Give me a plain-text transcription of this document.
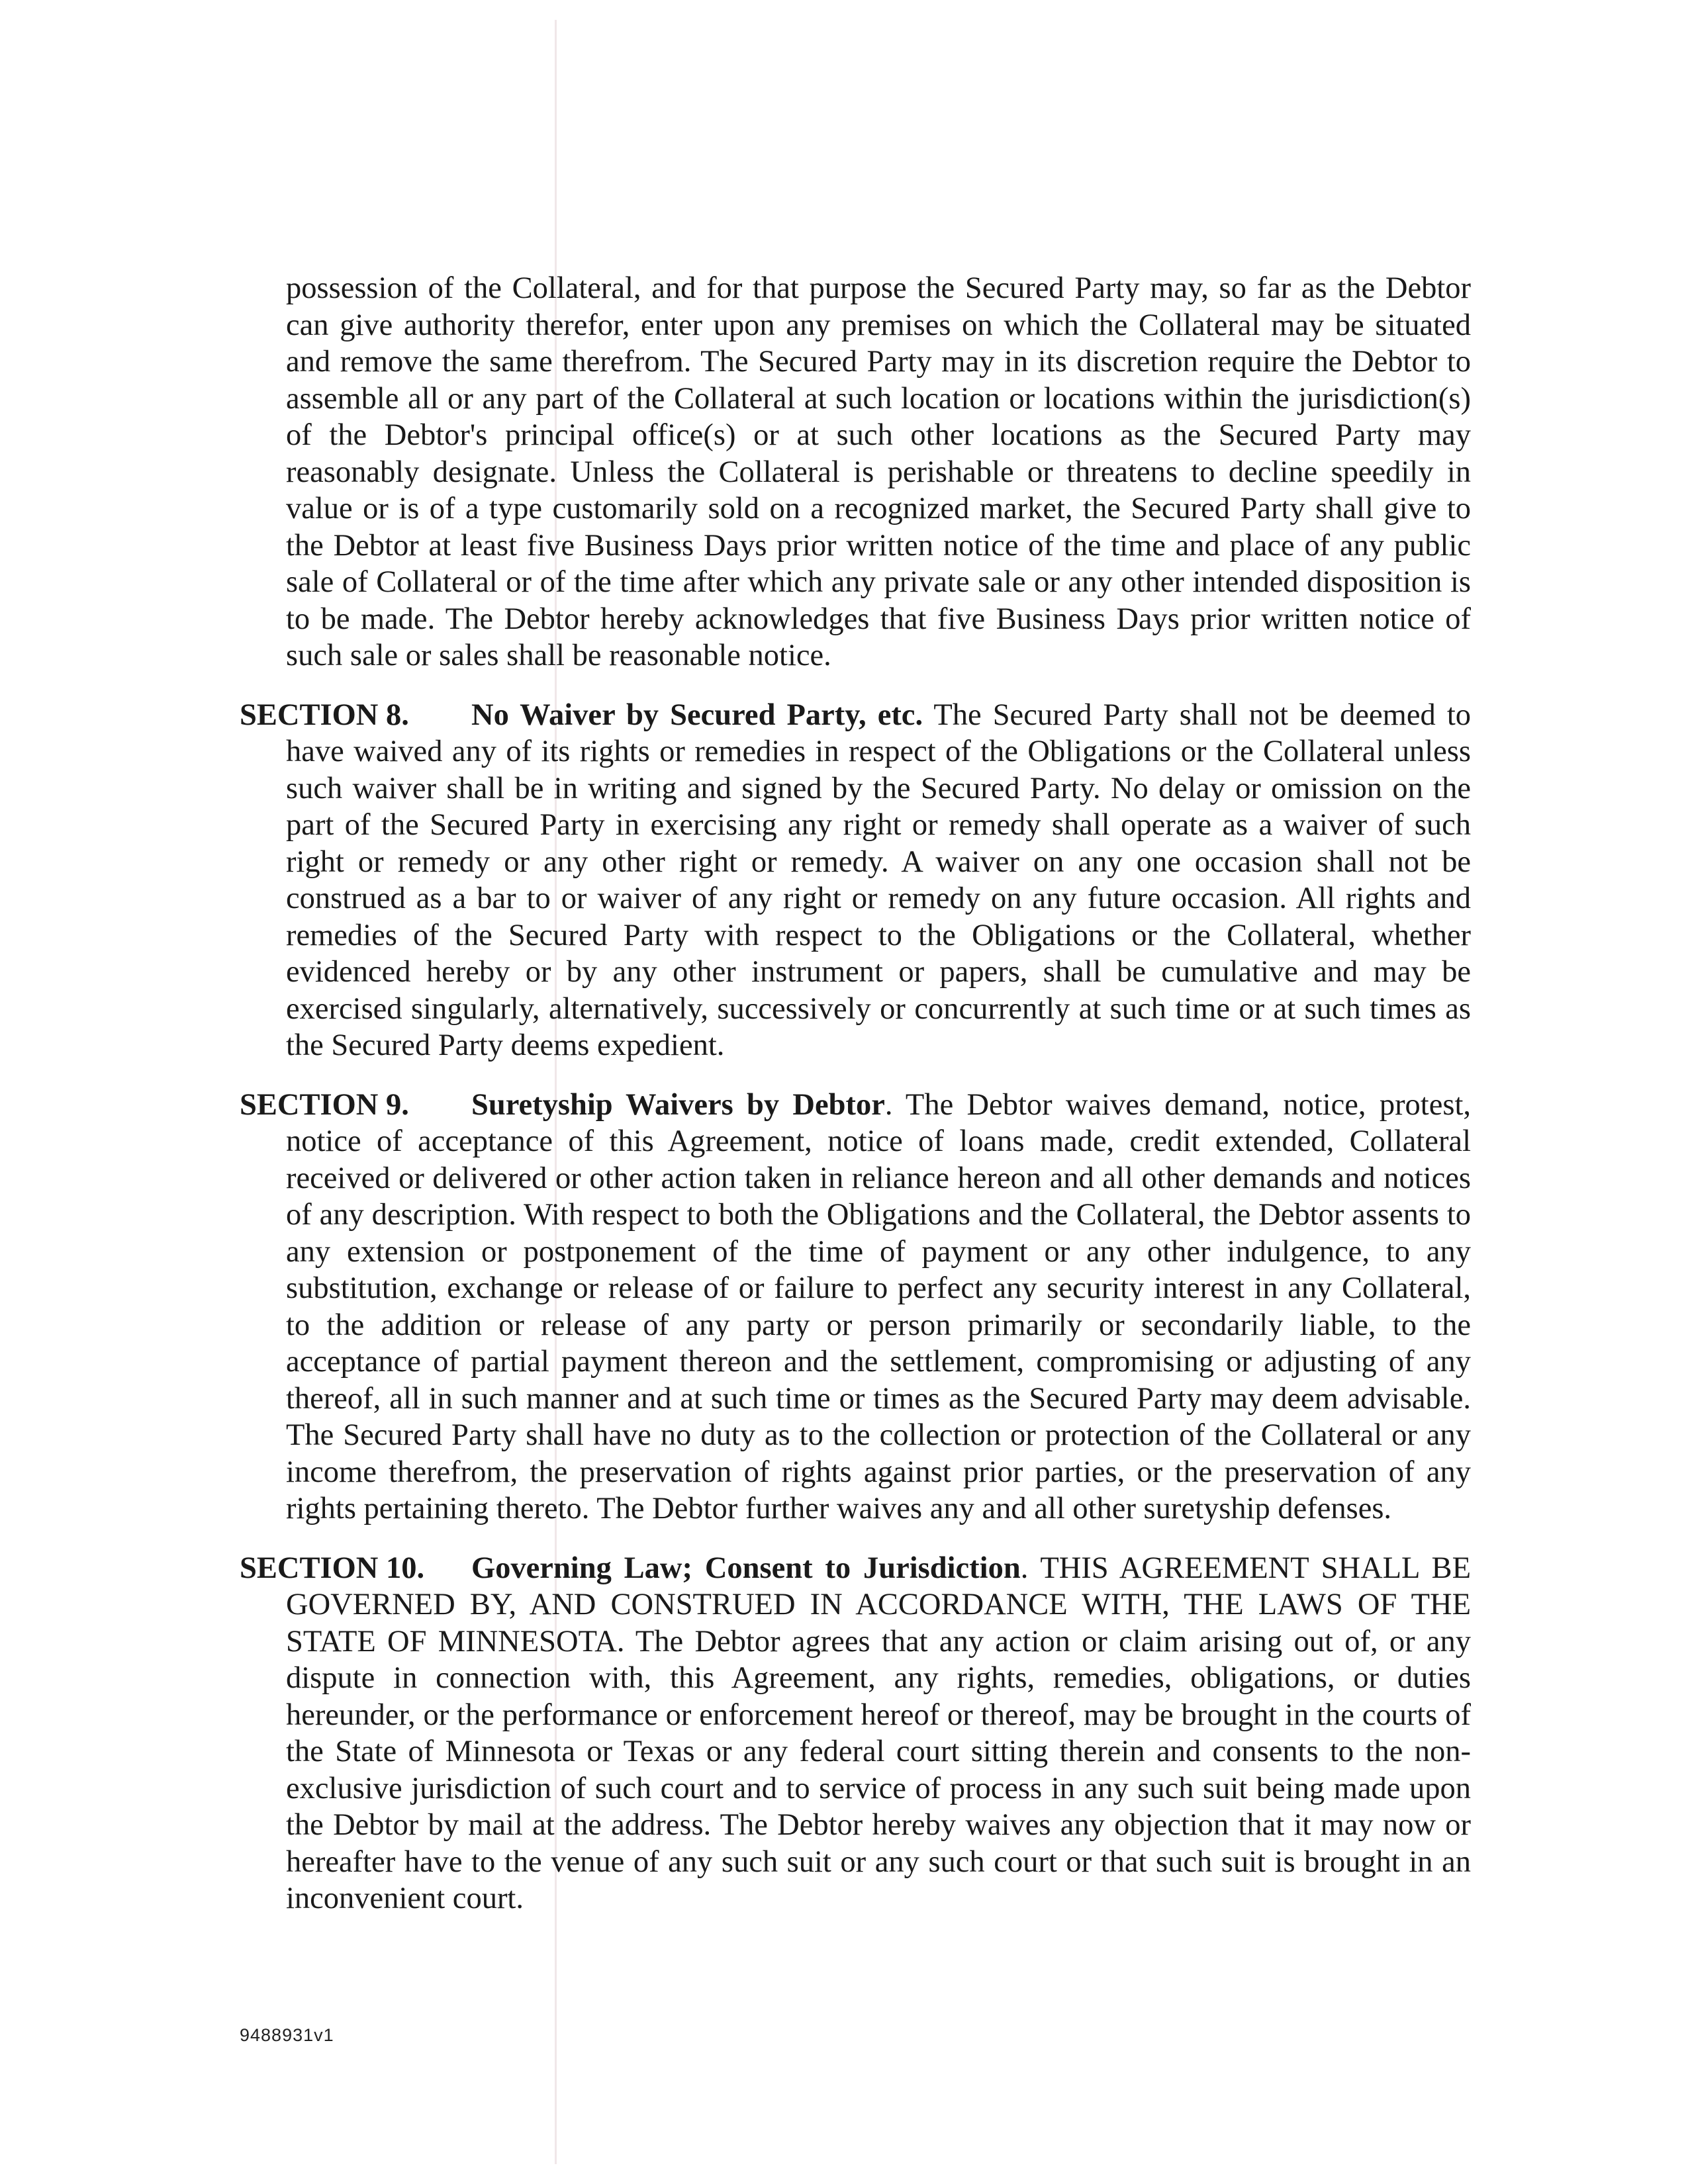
possession of the Collateral, and for that purpose the Secured Party may, so far as the Debtor can give authority therefor, enter upon any premises on which the Collateral may be situated and remove the same therefrom. The Secured Party may in its discretion require the Debtor to assemble all or any part of the Collateral at such location or locations within the jurisdiction(s) of the Debtor's principal office(s) or at such other locations as the Secured Party may reasonably designate. Unless the Collateral is perishable or threatens to decline speedily in value or is of a type customarily sold on a recognized market, the Secured Party shall give to the Debtor at least five Business Days prior written notice of the time and place of any public sale of Collateral or of the time after which any private sale or any other intended disposition is to be made. The Debtor hereby acknowledges that five Business Days prior written notice of such sale or sales shall be reasonable notice.

SECTION 8. No Waiver by Secured Party, etc. The Secured Party shall not be deemed to have waived any of its rights or remedies in respect of the Obligations or the Collateral unless such waiver shall be in writing and signed by the Secured Party. No delay or omission on the part of the Secured Party in exercising any right or remedy shall operate as a waiver of such right or remedy or any other right or remedy. A waiver on any one occasion shall not be construed as a bar to or waiver of any right or remedy on any future occasion. All rights and remedies of the Secured Party with respect to the Obligations or the Collateral, whether evidenced hereby or by any other instrument or papers, shall be cumulative and may be exercised singularly, alternatively, successively or concurrently at such time or at such times as the Secured Party deems expedient.

SECTION 9. Suretyship Waivers by Debtor. The Debtor waives demand, notice, protest, notice of acceptance of this Agreement, notice of loans made, credit extended, Collateral received or delivered or other action taken in reliance hereon and all other demands and notices of any description. With respect to both the Obligations and the Collateral, the Debtor assents to any extension or postponement of the time of payment or any other indulgence, to any substitution, exchange or release of or failure to perfect any security interest in any Collateral, to the addition or release of any party or person primarily or secondarily liable, to the acceptance of partial payment thereon and the settlement, compromising or adjusting of any thereof, all in such manner and at such time or times as the Secured Party may deem advisable. The Secured Party shall have no duty as to the collection or protection of the Collateral or any income therefrom, the preservation of rights against prior parties, or the preservation of any rights pertaining thereto. The Debtor further waives any and all other suretyship defenses.

SECTION 10. Governing Law; Consent to Jurisdiction. THIS AGREEMENT SHALL BE GOVERNED BY, AND CONSTRUED IN ACCORDANCE WITH, THE LAWS OF THE STATE OF MINNESOTA. The Debtor agrees that any action or claim arising out of, or any dispute in connection with, this Agreement, any rights, remedies, obligations, or duties hereunder, or the performance or enforcement hereof or thereof, may be brought in the courts of the State of Minnesota or Texas or any federal court sitting therein and consents to the non-exclusive jurisdiction of such court and to service of process in any such suit being made upon the Debtor by mail at the address. The Debtor hereby waives any objection that it may now or hereafter have to the venue of any such suit or any such court or that such suit is brought in an inconvenient court.

9488931v1
